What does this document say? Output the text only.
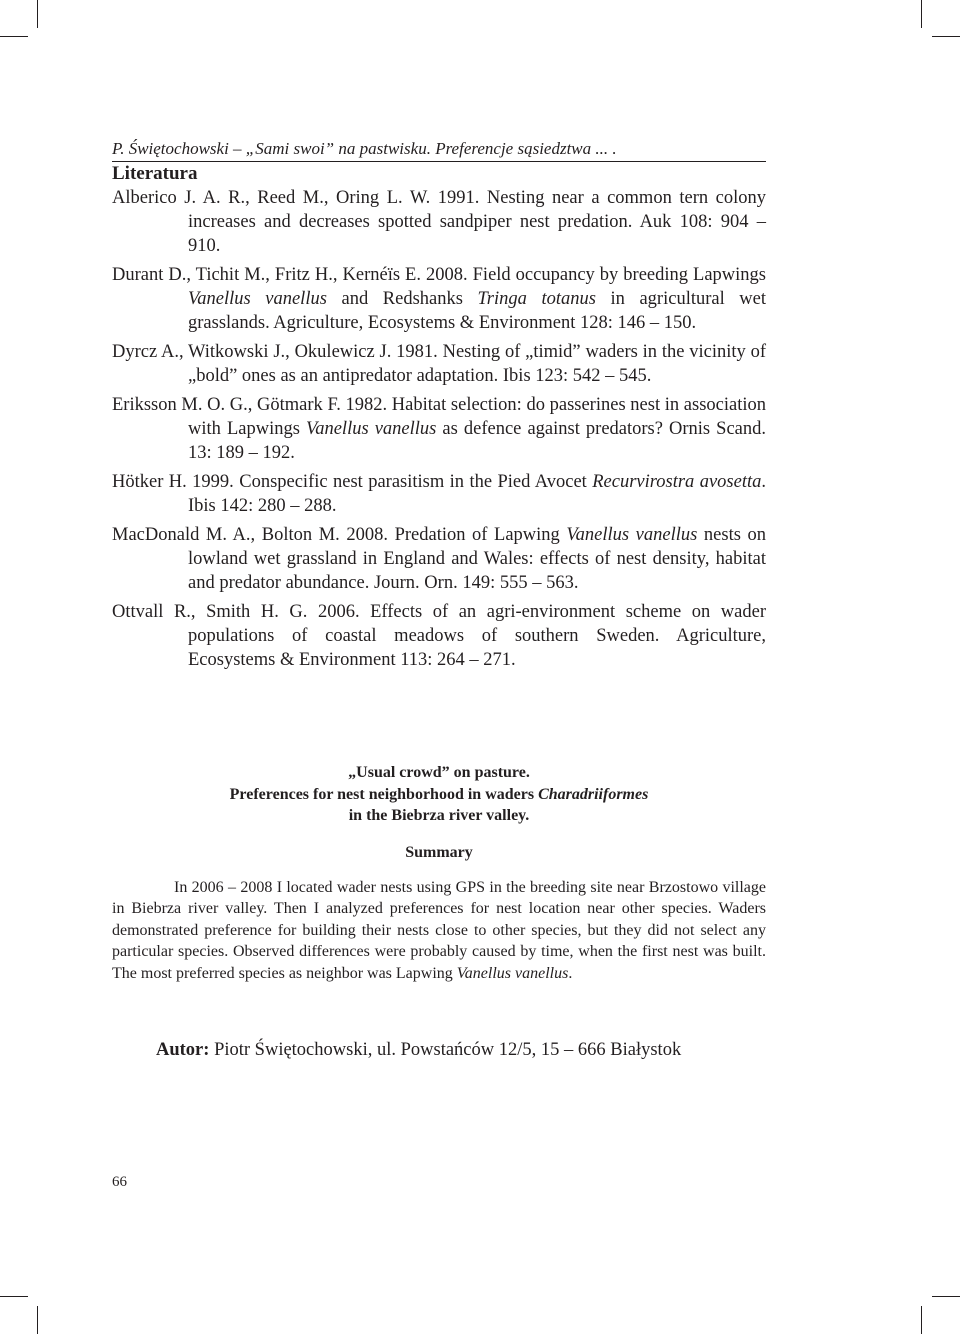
P. Świętochowski – „Sami swoi” na pastwisku. Preferencje sąsiedztwa ... .
Literatura

Alberico J. A. R., Reed M., Oring L. W. 1991. Nesting near a common tern colony increases and decreases spotted sandpiper nest predation. Auk 108: 904 – 910.

Durant D., Tichit M., Fritz H., Kernéïs E. 2008. Field occupancy by breeding Lapwings Vanellus vanellus and Redshanks Tringa totanus in agricultural wet grasslands. Agriculture, Ecosystems & Environment 128: 146 – 150.

Dyrcz A., Witkowski J., Okulewicz J. 1981. Nesting of „timid” waders in the vicinity of „bold” ones as an antipredator adaptation. Ibis 123: 542 – 545.

Eriksson M. O. G., Götmark F. 1982. Habitat selection: do passerines nest in association with Lapwings Vanellus vanellus as defence against predators? Ornis Scand. 13: 189 – 192.

Hötker H. 1999. Conspecific nest parasitism in the Pied Avocet Recurvirostra avosetta. Ibis 142: 280 – 288.

MacDonald M. A., Bolton M. 2008. Predation of Lapwing Vanellus vanellus nests on lowland wet grassland in England and Wales: effects of nest density, habitat and predator abundance. Journ. Orn. 149: 555 – 563.

Ottvall R., Smith H. G. 2006. Effects of an agri-environment scheme on wader populations of coastal meadows of southern Sweden. Agriculture, Ecosystems & Environment 113: 264 – 271.

„Usual crowd” on pasture.
Preferences for nest neighborhood in waders Charadriiformes
in the Biebrza river valley.
Summary
In 2006 – 2008 I located wader nests using GPS in the breeding site near Brzostowo village in Biebrza river valley. Then I analyzed preferences for nest location near other species. Waders demonstrated preference for building their nests close to other species, but they did not select any particular species. Observed differences were probably caused by time, when the first nest was built. The most preferred species as neighbor was Lapwing Vanellus vanellus.
Autor: Piotr Świętochowski, ul. Powstańców 12/5, 15 – 666 Białystok
66
